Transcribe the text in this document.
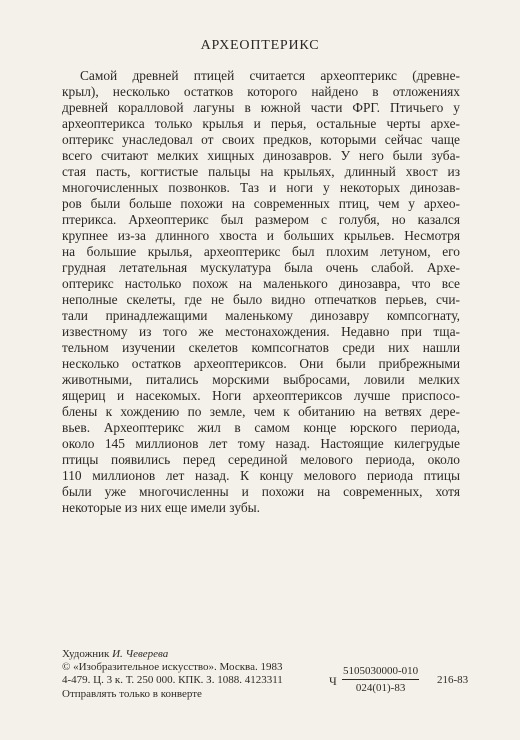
АРХЕОПТЕРИКС
Самой древней птицей считается археоптерикс (древне-
крыл), несколько остатков которого найдено в отложениях
древней коралловой лагуны в южной части ФРГ. Птичьего у
археоптерикса только крылья и перья, остальные черты архе-
оптерикс унаследовал от своих предков, которыми сейчас чаще
всего считают мелких хищных динозавров. У него были зуба-
стая пасть, когтистые пальцы на крыльях, длинный хвост из
многочисленных позвонков. Таз и ноги у некоторых динозав-
ров были больше похожи на современных птиц, чем у архео-
птерикса. Археоптерикс был размером с голубя, но казался
крупнее из-за длинного хвоста и больших крыльев. Несмотря
на большие крылья, археоптерикс был плохим летуном, его
грудная летательная мускулатура была очень слабой. Архе-
оптерикс настолько похож на маленького динозавра, что все
неполные скелеты, где не было видно отпечатков перьев, счи-
тали принадлежащими маленькому динозавру компсогнату,
известному из того же местонахождения. Недавно при тща-
тельном изучении скелетов компсогнатов среди них нашли
несколько остатков археоптериксов. Они были прибрежными
животными, питались морскими выбросами, ловили мелких
ящериц и насекомых. Ноги археоптериксов лучше приспосо-
блены к хождению по земле, чем к обитанию на ветвях дере-
вьев. Археоптерикс жил в самом конце юрского периода,
около 145 миллионов лет тому назад. Настоящие килегрудые
птицы появились перед серединой мелового периода, около
110 миллионов лет назад. К концу мелового периода птицы
были уже многочисленны и похожи на современных, хотя
некоторые из них еще имели зубы.
Художник И. Чеверева
© «Изобразительное искусство». Москва. 1983
4-479. Ц. 3 к. Т. 250 000. КПК. З. 1088. 4123311
Отправлять только в конверте
Ч $\frac{5105030000-010}{024(01)-83} 216-83$
